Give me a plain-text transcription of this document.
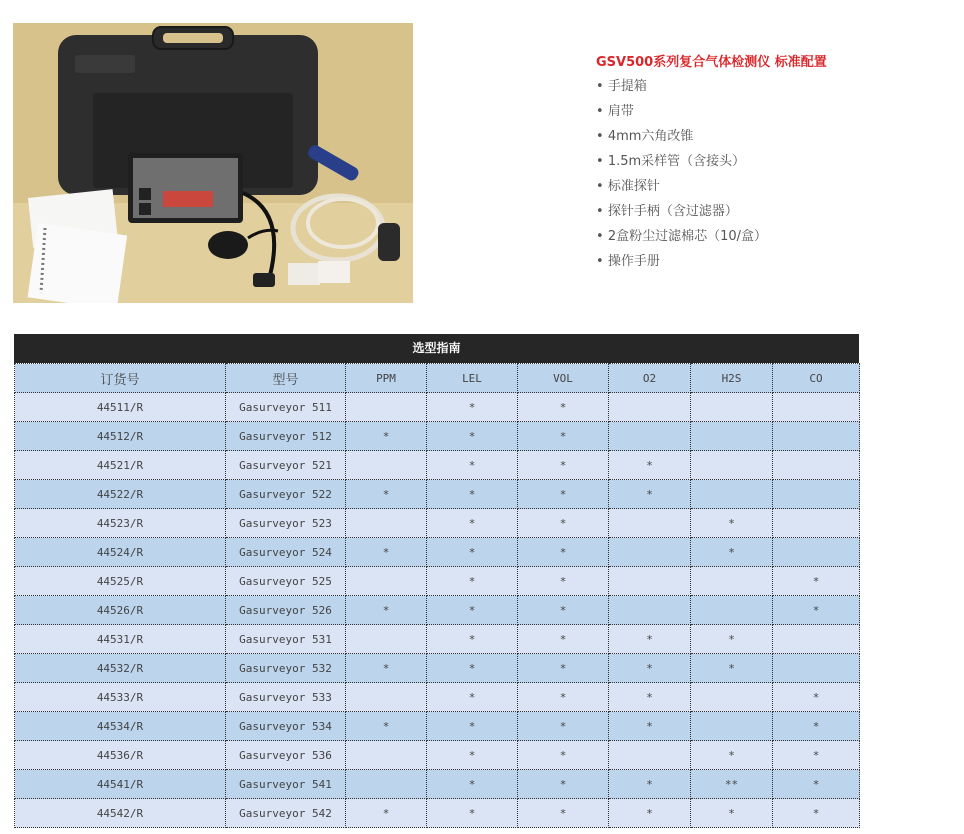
GSV500系列复合气体检测仪 标准配置
• 手提箱
• 肩带
• 4mm六角改锥
• 1.5m采样管（含接头）
• 标准探针
• 探针手柄（含过滤器）
• 2盒粉尘过滤棉芯（10/盒）
• 操作手册
选型指南
订货号	型号	PPM	LEL	VOL	O2	H2S	CO
44511/R	Gasurveyor 511		*	*			
44512/R	Gasurveyor 512	*	*	*			
44521/R	Gasurveyor 521		*	*	*		
44522/R	Gasurveyor 522	*	*	*	*		
44523/R	Gasurveyor 523		*	*		*	
44524/R	Gasurveyor 524	*	*	*		*	
44525/R	Gasurveyor 525		*	*			*
44526/R	Gasurveyor 526	*	*	*			*
44531/R	Gasurveyor 531		*	*	*	*	
44532/R	Gasurveyor 532	*	*	*	*	*	
44533/R	Gasurveyor 533		*	*	*		*
44534/R	Gasurveyor 534	*	*	*	*		*
44536/R	Gasurveyor 536		*	*		*	*
44541/R	Gasurveyor 541		*	*	*	**	*
44542/R	Gasurveyor 542	*	*	*	*	*	*
